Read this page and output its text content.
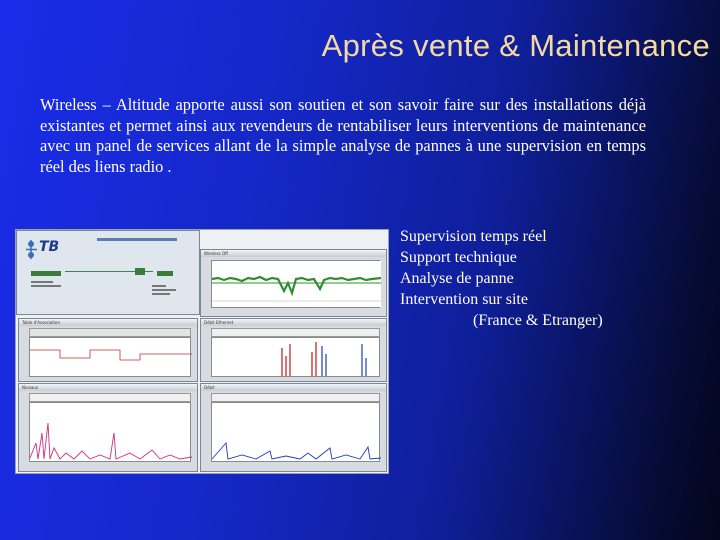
Après vente & Maintenance
Wireless – Altitude apporte aussi son soutien et son savoir faire sur des installations déjà existantes et permet ainsi aux revendeurs de rentabiliser leurs interventions de maintenance avec un panel de services allant de la simple analyse de pannes à une supervision en temps réel des liens radio .
TB	Wireless Off
Table d'Association	Débit Ethernet
Niveaux	Débit
Supervision temps réel
Support technique
Analyse de panne
Intervention sur site
(France & Etranger)
